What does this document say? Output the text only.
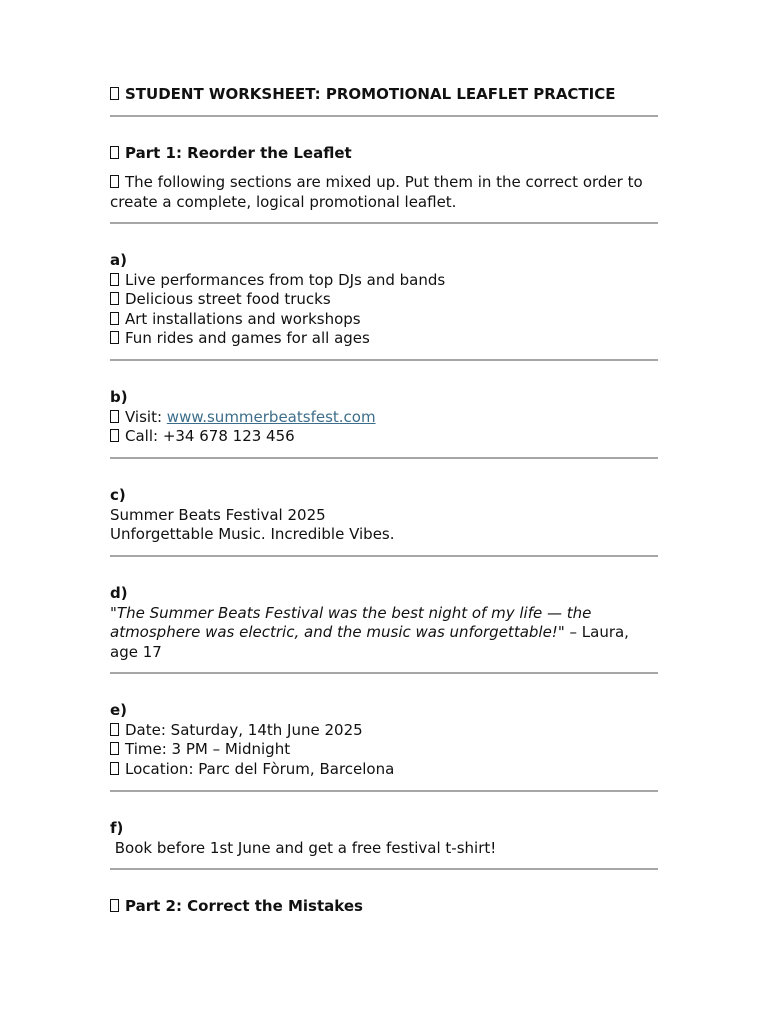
STUDENT WORKSHEET: PROMOTIONAL LEAFLET PRACTICE
Part 1: Reorder the Leaflet
The following sections are mixed up. Put them in the correct order to create a complete, logical promotional leaflet.
a)
Live performances from top DJs and bands
Delicious street food trucks
Art installations and workshops
Fun rides and games for all ages
b)
Visit: www.summerbeatsfest.com
Call: +34 678 123 456
c)
Summer Beats Festival 2025
Unforgettable Music. Incredible Vibes.
d)
"The Summer Beats Festival was the best night of my life — the atmosphere was electric, and the music was unforgettable!" – Laura, age 17
e)
Date: Saturday, 14th June 2025
Time: 3 PM – Midnight
Location: Parc del Fòrum, Barcelona
f)
Book before 1st June and get a free festival t-shirt!
Part 2: Correct the Mistakes
